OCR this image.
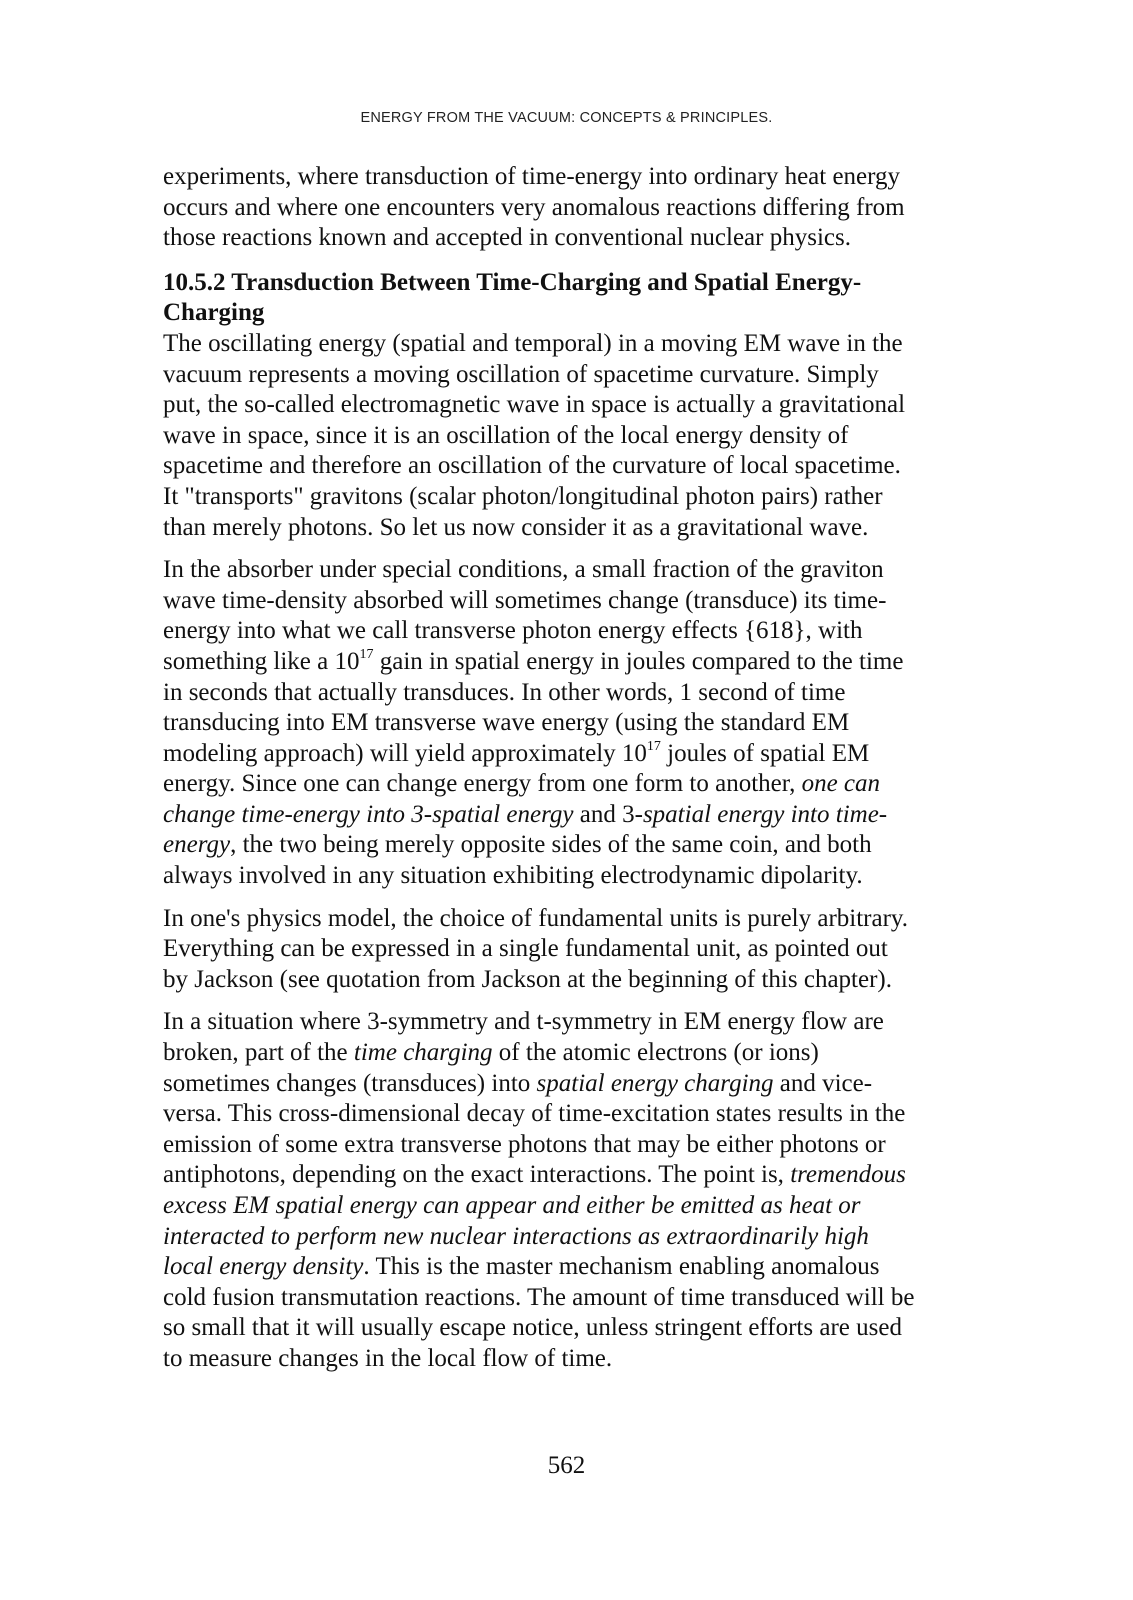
ENERGY FROM THE VACUUM: CONCEPTS & PRINCIPLES.
experiments, where transduction of time-energy into ordinary heat energy
occurs and where one encounters very anomalous reactions differing from
those reactions known and accepted in conventional nuclear physics.
10.5.2 Transduction Between Time-Charging and Spatial Energy-
Charging
The oscillating energy (spatial and temporal) in a moving EM wave in the
vacuum represents a moving oscillation of spacetime curvature. Simply
put, the so-called electromagnetic wave in space is actually a gravitational
wave in space, since it is an oscillation of the local energy density of
spacetime and therefore an oscillation of the curvature of local spacetime.
It "transports" gravitons (scalar photon/longitudinal photon pairs) rather
than merely photons. So let us now consider it as a gravitational wave.
In the absorber under special conditions, a small fraction of the graviton
wave time-density absorbed will sometimes change (transduce) its time-
energy into what we call transverse photon energy effects {618}, with
something like a $10^{17}$ gain in spatial energy in joules compared to the time
in seconds that actually transduces. In other words, 1 second of time
transducing into EM transverse wave energy (using the standard EM
modeling approach) will yield approximately $10^{17}$ joules of spatial EM
energy. Since one can change energy from one form to another, one can
change time-energy into 3-spatial energy and 3-spatial energy into time-
energy, the two being merely opposite sides of the same coin, and both
always involved in any situation exhibiting electrodynamic dipolarity.
In one's physics model, the choice of fundamental units is purely arbitrary.
Everything can be expressed in a single fundamental unit, as pointed out
by Jackson (see quotation from Jackson at the beginning of this chapter).
In a situation where 3-symmetry and t-symmetry in EM energy flow are
broken, part of the time charging of the atomic electrons (or ions)
sometimes changes (transduces) into spatial energy charging and vice-
versa. This cross-dimensional decay of time-excitation states results in the
emission of some extra transverse photons that may be either photons or
antiphotons, depending on the exact interactions. The point is, tremendous
excess EM spatial energy can appear and either be emitted as heat or
interacted to perform new nuclear interactions as extraordinarily high
local energy density. This is the master mechanism enabling anomalous
cold fusion transmutation reactions. The amount of time transduced will be
so small that it will usually escape notice, unless stringent efforts are used
to measure changes in the local flow of time.
562
